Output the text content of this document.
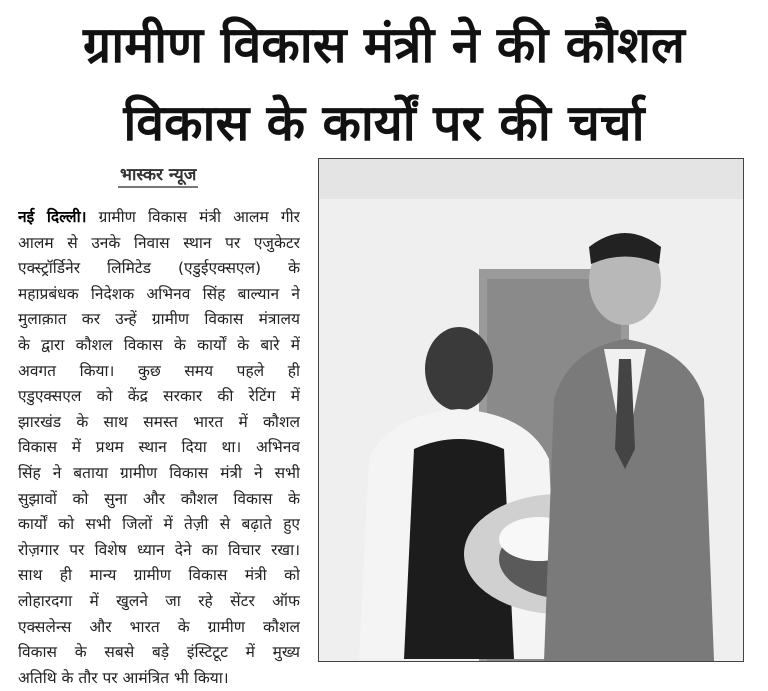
ग्रामीण विकास मंत्री ने की कौशल
विकास के कार्यों पर की चर्चा
भास्कर न्यूज
नई दिल्ली। ग्रामीण विकास मंत्री आलम गीर
आलम से उनके निवास स्थान पर एजुकेटर
एक्स्ट्रॉर्डिनेर लिमिटेड (एडुईएक्सएल) के
महाप्रबंधक निदेशक अभिनव सिंह बाल्यान ने
मुलाक़ात कर उन्हें ग्रामीण विकास मंत्रालय
के द्वारा कौशल विकास के कार्यों के बारे में
अवगत किया। कुछ समय पहले ही
एडुएक्सएल को केंद्र सरकार की रेटिंग में
झारखंड के साथ समस्त भारत में कौशल
विकास में प्रथम स्थान दिया था। अभिनव
सिंह ने बताया ग्रामीण विकास मंत्री ने सभी
सुझावों को सुना और कौशल विकास के
कार्यों को सभी जिलों में तेज़ी से बढ़ाते हुए
रोज़गार पर विशेष ध्यान देने का विचार रखा।
साथ ही मान्य ग्रामीण विकास मंत्री को
लोहारदगा में खुलने जा रहे सेंटर ऑफ
एक्सलेन्स और भारत के ग्रामीण कौशल
विकास के सबसे बड़े इंस्टिटूट में मुख्य
अतिथि के तौर पर आमंत्रित भी किया।
